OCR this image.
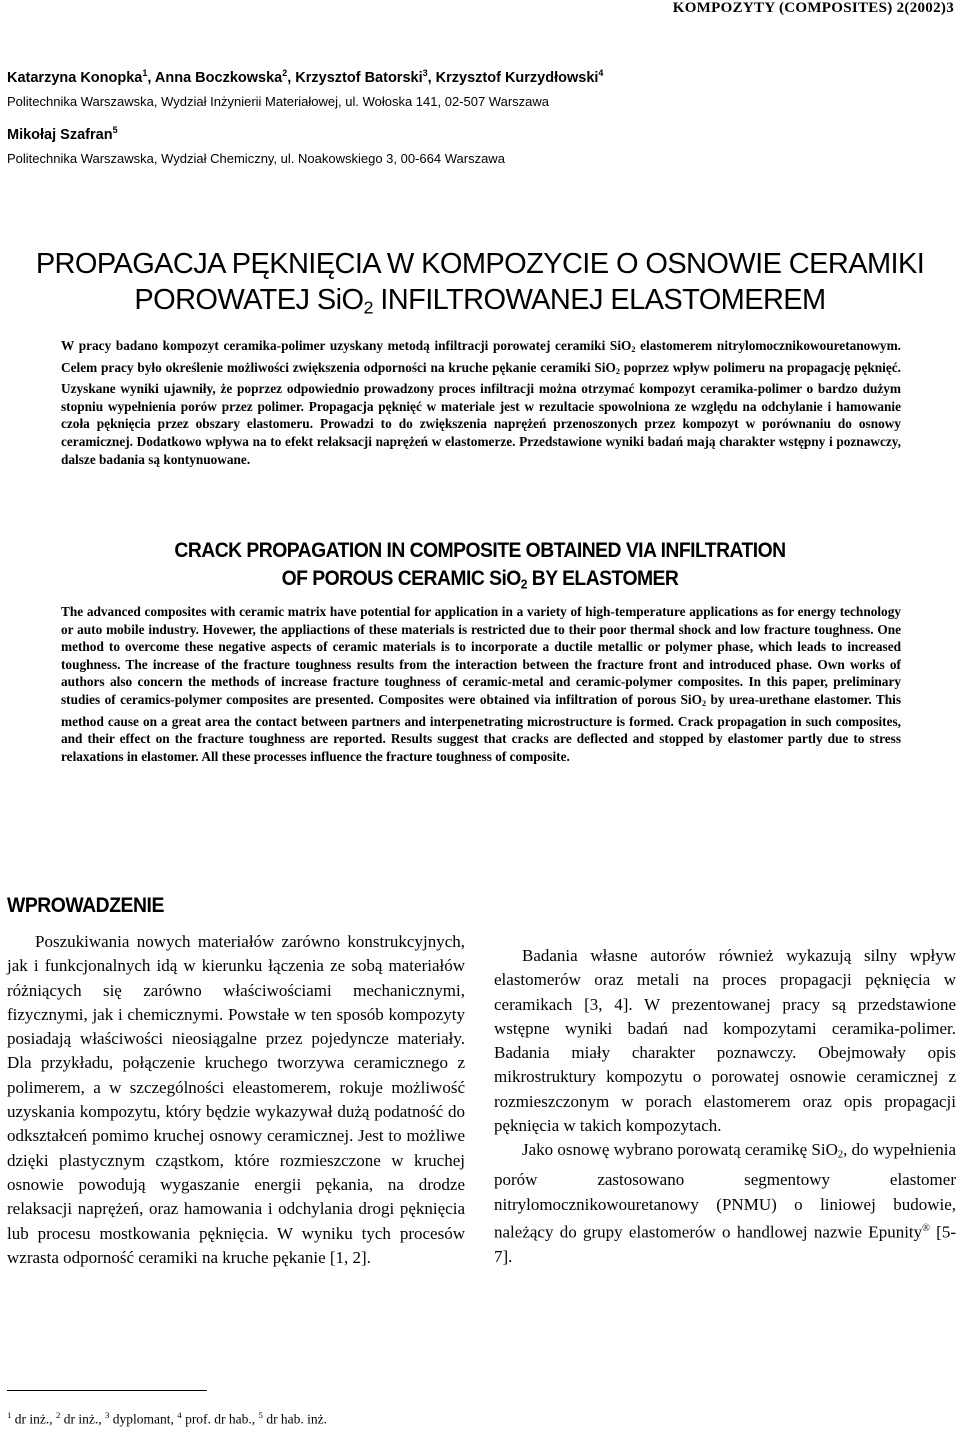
KOMPOZYTY (COMPOSITES) 2(2002)3
Katarzyna Konopka$^1$, Anna Boczkowska$^2$, Krzysztof Batorski$^3$, Krzysztof Kurzydłowski$^4$
Politechnika Warszawska, Wydział Inżynierii Materiałowej, ul. Wołoska 141, 02-507 Warszawa
Mikołaj Szafran$^5$
Politechnika Warszawska, Wydział Chemiczny, ul. Noakowskiego 3, 00-664 Warszawa
PROPAGACJA PĘKNIĘCIA W KOMPOZYCIE O OSNOWIE CERAMIKI
POROWATEJ SiO$_2$ INFILTROWANEJ ELASTOMEREM
W pracy badano kompozyt ceramika-polimer uzyskany metodą infiltracji porowatej ceramiki SiO$_2$ elastomerem nitrylomocznikowouretanowym. Celem pracy było określenie możliwości zwiększenia odporności na kruche pękanie ceramiki SiO$_2$ poprzez wpływ polimeru na propagację pęknięć. Uzyskane wyniki ujawniły, że poprzez odpowiednio prowadzony proces infiltracji można otrzymać kompozyt ceramika-polimer o bardzo dużym stopniu wypełnienia porów przez polimer. Propagacja pęknięć w materiale jest w rezultacie spowolniona ze względu na odchylanie i hamowanie czoła pęknięcia przez obszary elastomeru. Prowadzi to do zwiększenia naprężeń przenoszonych przez kompozyt w porównaniu do osnowy ceramicznej. Dodatkowo wpływa na to efekt relaksacji naprężeń w elastomerze. Przedstawione wyniki badań mają charakter wstępny i poznawczy, dalsze badania są kontynuowane.
CRACK PROPAGATION IN COMPOSITE OBTAINED VIA INFILTRATION
OF POROUS CERAMIC SiO$_2$ BY ELASTOMER
The advanced composites with ceramic matrix have potential for application in a variety of high-temperature applications as for energy technology or auto mobile industry. Hovewer, the appliactions of these materials is restricted due to their poor thermal shock and low fracture toughness. One method to overcome these negative aspects of ceramic materials is to incorporate a ductile metallic or polymer phase, which leads to increased toughness. The increase of the fracture toughness results from the interaction between the fracture front and introduced phase. Own works of authors also concern the methods of increase fracture toughness of ceramic-metal and ceramic-polymer composites. In this paper, preliminary studies of ceramics-polymer composites are presented. Composites were obtained via infiltration of porous SiO$_2$ by urea-urethane elastomer. This method cause on a great area the contact between partners and interpenetrating microstructure is formed. Crack propagation in such composites, and their effect on the fracture toughness are reported. Results suggest that cracks are deflected and stopped by elastomer partly due to stress relaxations in elastomer. All these processes influence the fracture toughness of composite.
WPROWADZENIE

Poszukiwania nowych materiałów zarówno konstrukcyjnych, jak i funkcjonalnych idą w kierunku łączenia ze sobą materiałów różniących się zarówno właściwościami mechanicznymi, fizycznymi, jak i chemicznymi. Powstałe w ten sposób kompozyty posiadają właściwości nieosiągalne przez pojedyncze materiały. Dla przykładu, połączenie kruchego tworzywa ceramicznego z polimerem, a w szczególności eleastomerem, rokuje możliwość uzyskania kompozytu, który będzie wykazywał dużą podatność do odkształceń pomimo kruchej osnowy ceramicznej. Jest to możliwe dzięki plastycznym cząstkom, które rozmieszczone w kruchej osnowie powodują wygaszanie energii pękania, na drodze relaksacji naprężeń, oraz hamowania i odchylania drogi pęknięcia lub procesu mostkowania pęknięcia. W wyniku tych procesów wzrasta odporność ceramiki na kruche pękanie [1, 2].

Badania własne autorów również wykazują silny wpływ elastomerów oraz metali na proces propagacji pęknięcia w ceramikach [3, 4]. W prezentowanej pracy są przedstawione wstępne wyniki badań nad kompozytami ceramika-polimer. Badania miały charakter poznawczy. Obejmowały opis mikrostruktury kompozytu o porowatej osnowie ceramicznej z rozmieszczonym w porach elastomerem oraz opis propagacji pęknięcia w takich kompozytach.

Jako osnowę wybrano porowatą ceramikę SiO$_2$, do wypełnienia porów zastosowano segmentowy elastomer nitrylomocznikowouretanowy (PNMU) o liniowej budowie, należący do grupy elastomerów o handlowej nazwie Epunity® [5-7].

$^1$ dr inż., $^2$ dr inż., $^3$ dyplomant, $^4$ prof. dr hab., $^5$ dr hab. inż.
